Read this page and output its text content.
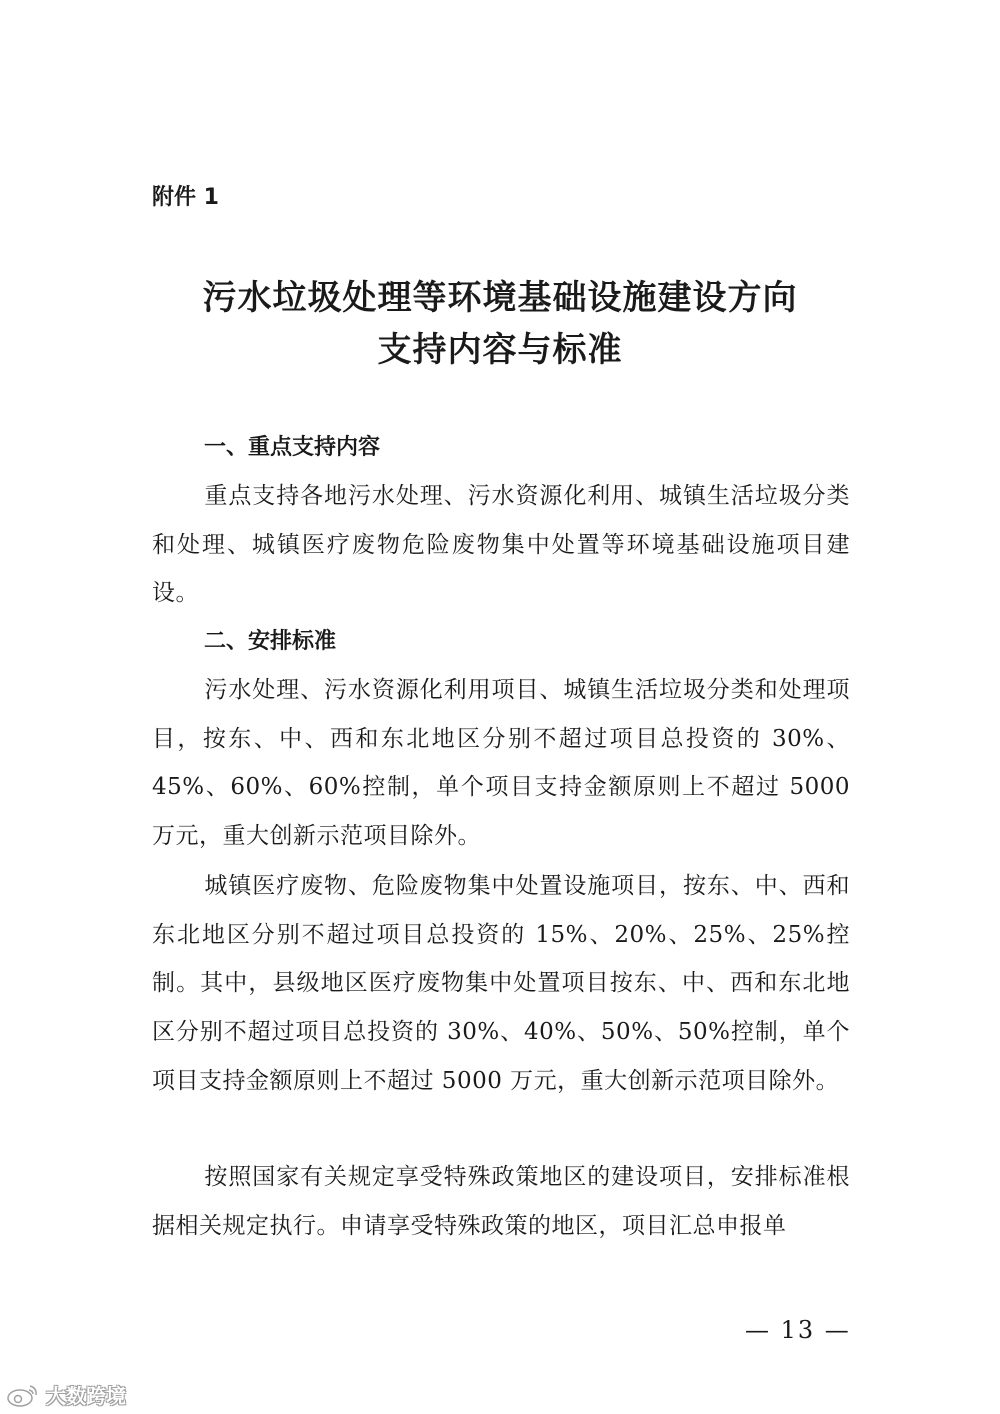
附件 1
污水垃圾处理等环境基础设施建设方向
支持内容与标准
一、重点支持内容
重点支持各地污水处理、污水资源化利用、城镇生活垃圾分类和处理、城镇医疗废物危险废物集中处置等环境基础设施项目建设。
二、安排标准
污水处理、污水资源化利用项目、城镇生活垃圾分类和处理项目，按东、中、西和东北地区分别不超过项目总投资的 30%、45%、60%、60%控制，单个项目支持金额原则上不超过 5000 万元，重大创新示范项目除外。
城镇医疗废物、危险废物集中处置设施项目，按东、中、西和东北地区分别不超过项目总投资的 15%、20%、25%、25%控制。其中，县级地区医疗废物集中处置项目按东、中、西和东北地区分别不超过项目总投资的 30%、40%、50%、50%控制，单个项目支持金额原则上不超过 5000 万元，重大创新示范项目除外。
按照国家有关规定享受特殊政策地区的建设项目，安排标准根据相关规定执行。申请享受特殊政策的地区，项目汇总申报单
— 13 —
大数跨境
